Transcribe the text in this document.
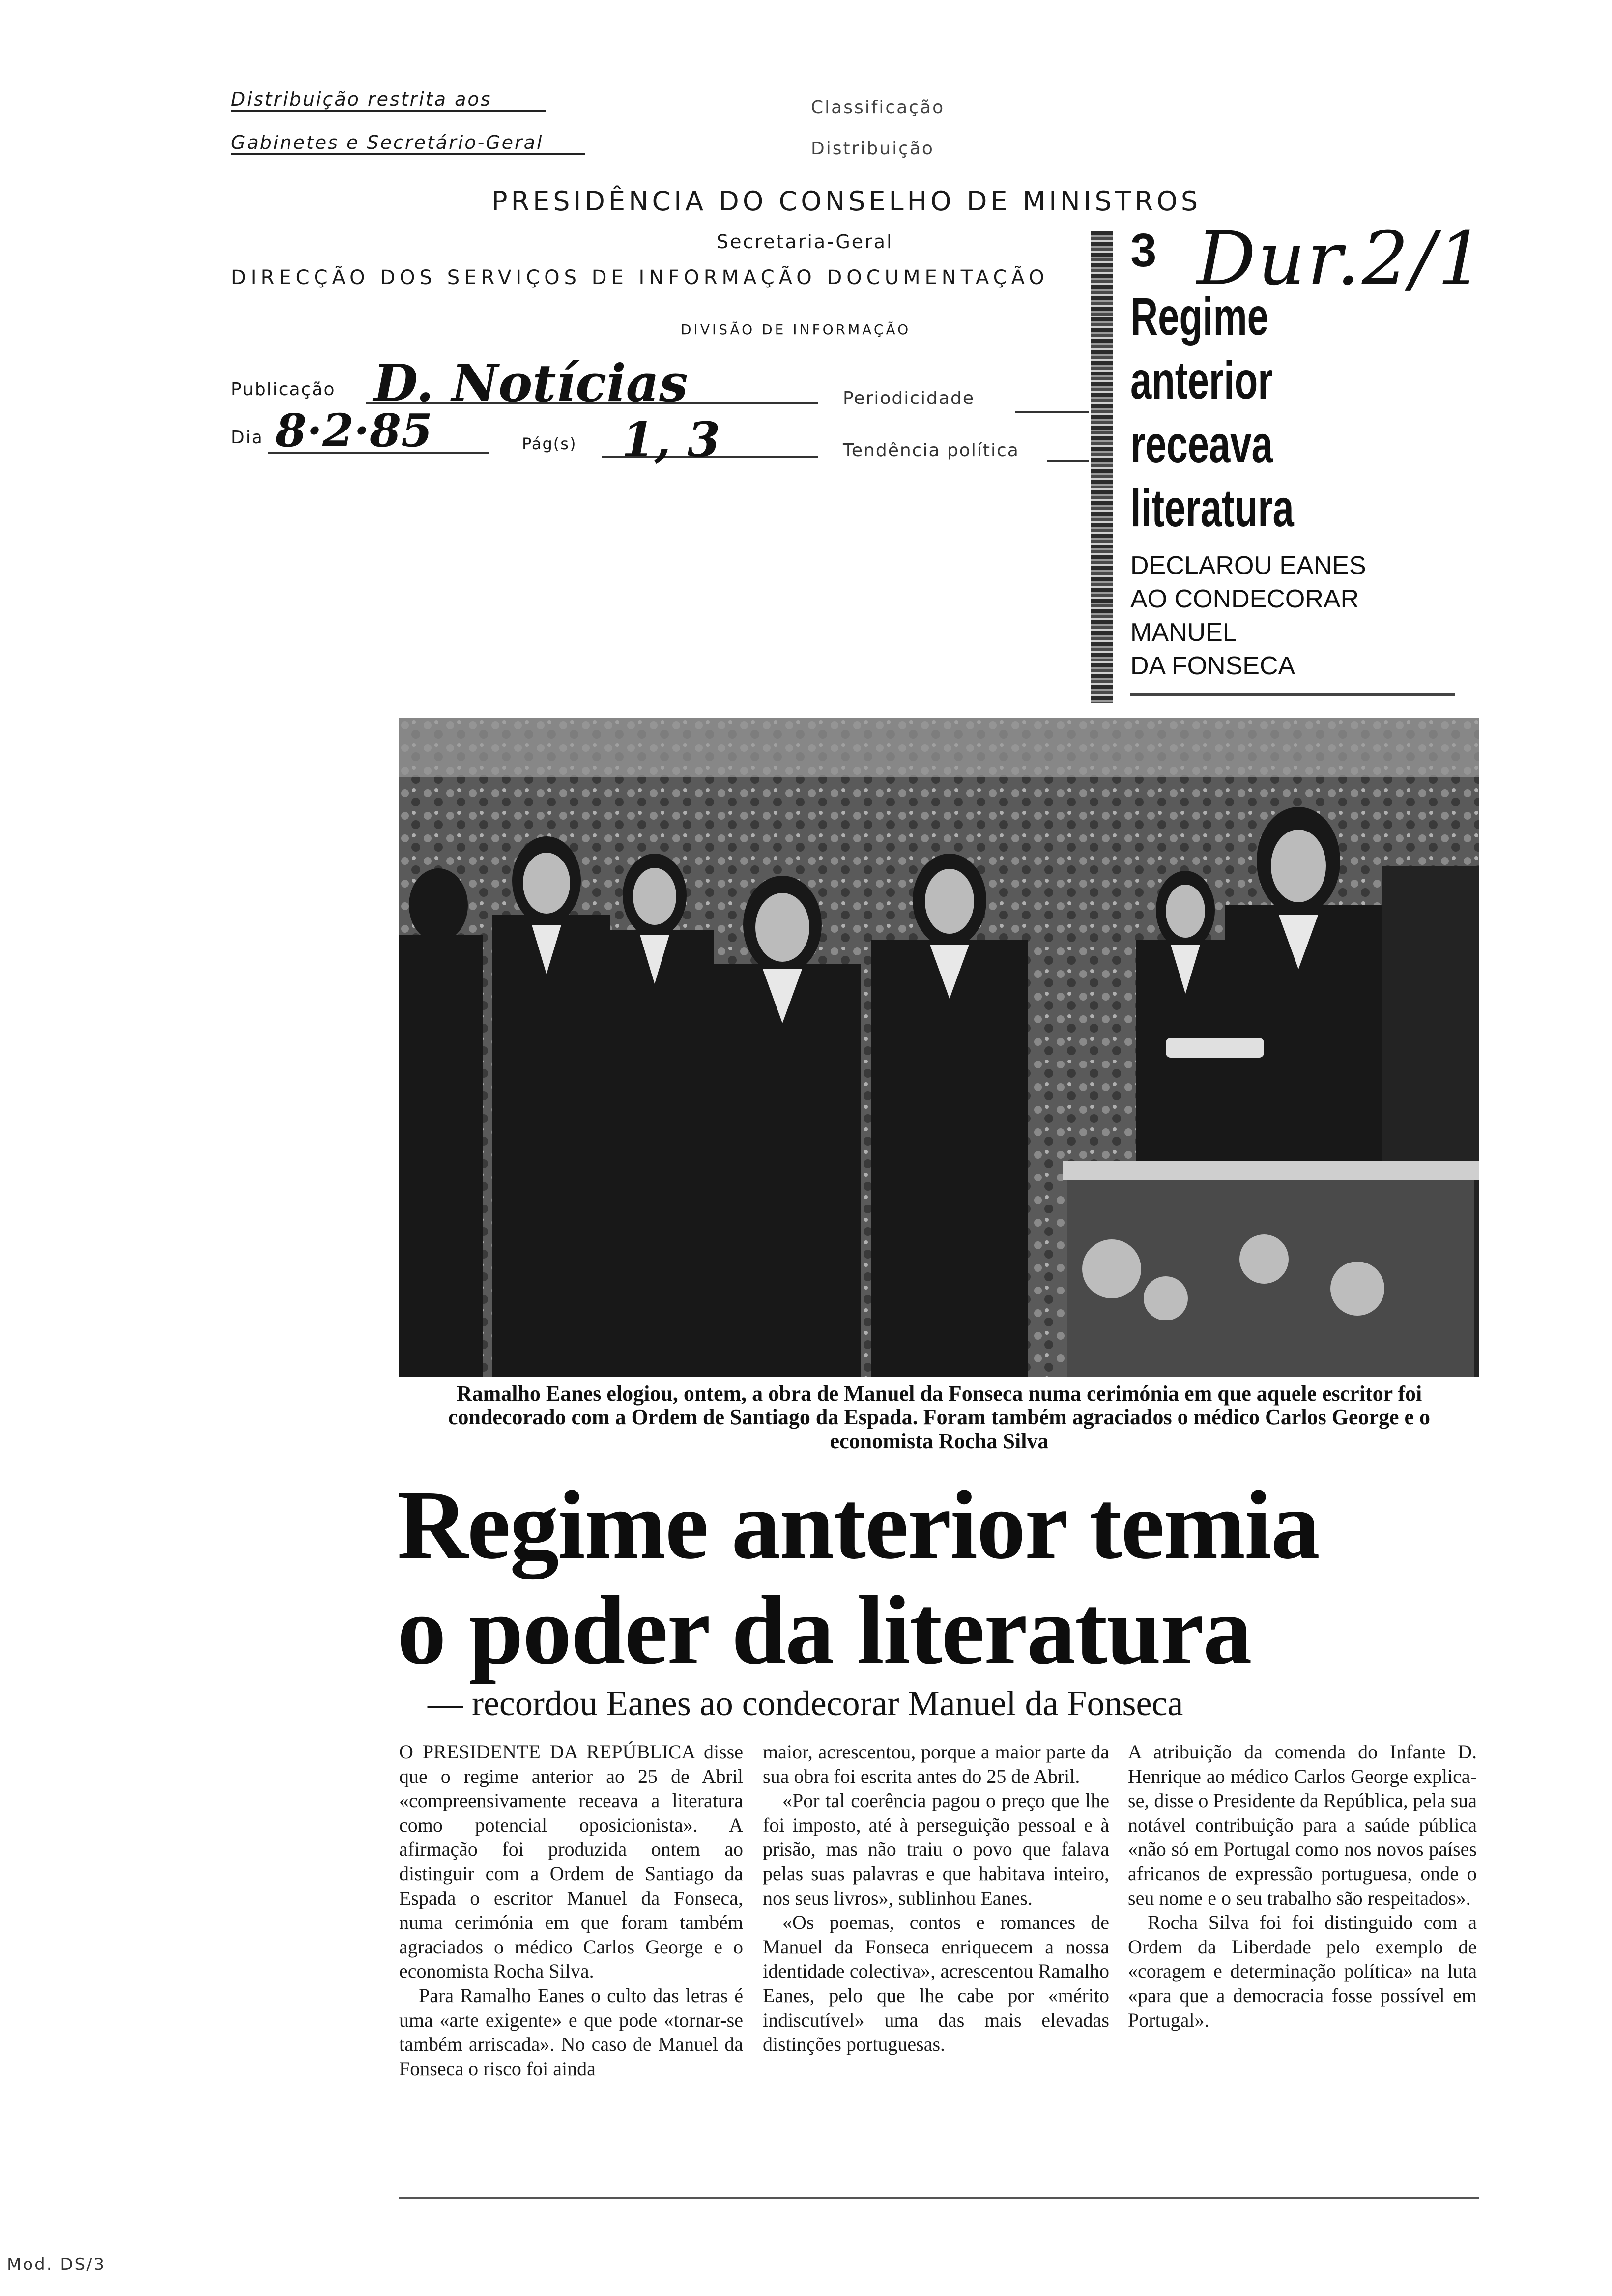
Distribuição restrita aos
Gabinetes e Secretário-Geral
Classificação
Distribuição
PRESIDÊNCIA DO CONSELHO DE MINISTROS
Secretaria-Geral
DIRECÇÃO DOS SERVIÇOS DE INFORMAÇÃO DOCUMENTAÇÃO
DIVISÃO DE INFORMAÇÃO
Publicação D. Notícias	Periodicidade
Dia 8·2·85	Pág(s) 1, 3	Tendência política
Dur.2/1
3
Regime
anterior
receava
literatura
DECLAROU EANES
AO CONDECORAR
MANUEL
DA FONSECA
Ramalho Eanes elogiou, ontem, a obra de Manuel da Fonseca numa cerimónia em que aquele escritor foi condecorado com a Ordem de Santiago da Espada. Foram também agraciados o médico Carlos George e o economista Rocha Silva
Regime anterior temia
o poder da literatura
— recordou Eanes ao condecorar Manuel da Fonseca

O PRESIDENTE DA REPÚBLICA disse que o regime anterior ao 25 de Abril «compreensivamente receava a literatura como potencial oposicionista». A afirmação foi produzida ontem ao distinguir com a Ordem de Santiago da Espada o escritor Manuel da Fonseca, numa cerimónia em que foram também agraciados o médico Carlos George e o economista Rocha Silva.

Para Ramalho Eanes o culto das letras é uma «arte exigente» e que pode «tornar-se também arriscada». No caso de Manuel da Fonseca o risco foi ainda

maior, acrescentou, porque a maior parte da sua obra foi escrita antes do 25 de Abril.

«Por tal coerência pagou o preço que lhe foi imposto, até à perseguição pessoal e à prisão, mas não traiu o povo que falava pelas suas palavras e que habitava inteiro, nos seus livros», sublinhou Eanes.

«Os poemas, contos e romances de Manuel da Fonseca enriquecem a nossa identidade colectiva», acrescentou Ramalho Eanes, pelo que lhe cabe por «mérito indiscutível» uma das mais elevadas distinções portuguesas.

A atribuição da comenda do Infante D. Henrique ao médico Carlos George explica-se, disse o Presidente da República, pela sua notável contribuição para a saúde pública «não só em Portugal como nos novos países africanos de expressão portuguesa, onde o seu nome e o seu trabalho são respeitados».

Rocha Silva foi foi distinguido com a Ordem da Liberdade pelo exemplo de «coragem e determinação política» na luta «para que a democracia fosse possível em Portugal».

Mod. DS/3
